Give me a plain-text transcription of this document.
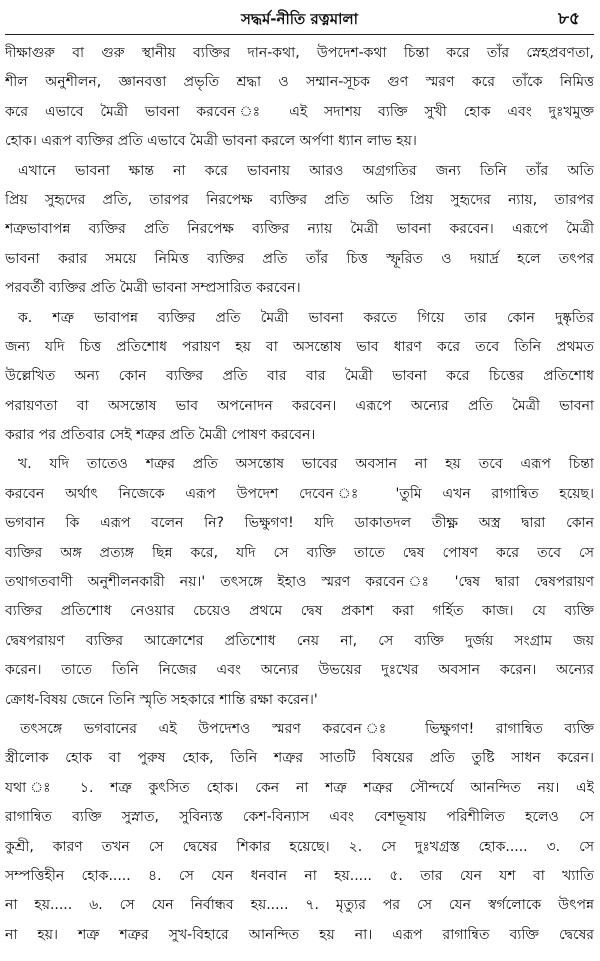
সদ্ধর্ম-নীতি রত্নমালা	৮৫
দীক্ষাগুরু বা গুরু স্থানীয় ব্যক্তির দান-কথা, উপদেশ-কথা চিন্তা করে তাঁর স্নেহপ্রবণতা,
শীল অনুশীলন, জ্ঞানবত্তা প্রভৃতি শ্রদ্ধা ও সম্মান-সূচক গুণ স্মরণ করে তাঁকে নিমিত্ত
করে এভাবে মৈত্রী ভাবনা করবেন ঃ এই সদাশয় ব্যক্তি সুখী হোক এবং দুঃখমুক্ত
হোক। এরূপ ব্যক্তির প্রতি এভাবে মৈত্রী ভাবনা করলে অর্পণা ধ্যান লাভ হয়।
এখানে ভাবনা ক্ষান্ত না করে ভাবনায় আরও অগ্রগতির জন্য তিনি তাঁর অতি
প্রিয় সুহৃদের প্রতি, তারপর নিরপেক্ষ ব্যক্তির প্রতি অতি প্রিয় সুহৃদের ন্যায়, তারপর
শত্রুভাবাপন্ন ব্যক্তির প্রতি নিরপেক্ষ ব্যক্তির ন্যায় মৈত্রী ভাবনা করবেন। এরূপে মৈত্রী
ভাবনা করার সময়ে নিমিত্ত ব্যক্তির প্রতি তাঁর চিত্ত স্ফূরিত ও দয়ার্দ্র হলে তৎপর
পরবর্তী ব্যক্তির প্রতি মৈত্রী ভাবনা সম্প্রসারিত করবেন।
ক. শত্রু ভাবাপন্ন ব্যক্তির প্রতি মৈত্রী ভাবনা করতে গিয়ে তার কোন দুষ্কৃতির
জন্য যদি চিত্ত প্রতিশোধ পরায়ণ হয় বা অসন্তোষ ভাব ধারণ করে তবে তিনি প্রথমত
উল্লেখিত অন্য কোন ব্যক্তির প্রতি বার বার মৈত্রী ভাবনা করে চিত্তের প্রতিশোধ
পরায়ণতা বা অসন্তোষ ভাব অপনোদন করবেন। এরূপে অন্যের প্রতি মৈত্রী ভাবনা
করার পর প্রতিবার সেই শত্রুর প্রতি মৈত্রী পোষণ করবেন।
খ. যদি তাতেও শত্রুর প্রতি অসন্তোষ ভাবের অবসান না হয় তবে এরূপ চিন্তা
করবেন অর্থাৎ নিজেকে এরূপ উপদেশ দেবেন ঃ 'তুমি এখন রাগান্বিত হয়েছ।
ভগবান কি এরূপ বলেন নি? ভিক্ষুগণ! যদি ডাকাতদল তীক্ষ্ণ অস্ত্র দ্বারা কোন
ব্যক্তির অঙ্গ প্রত্যঙ্গ ছিন্ন করে, যদি সে ব্যক্তি তাতে দ্বেষ পোষণ করে তবে সে
তথাগতবাণী অনুশীলনকারী নয়।' তৎসঙ্গে ইহাও স্মরণ করবেন ঃ 'দ্বেষ দ্বারা দ্বেষপরায়ণ
ব্যক্তির প্রতিশোধ নেওয়ার চেয়েও প্রথমে দ্বেষ প্রকাশ করা গর্হিত কাজ। যে ব্যক্তি
দ্বেষপরায়ণ ব্যক্তির আক্রোশের প্রতিশোধ নেয় না, সে ব্যক্তি দুর্জয় সংগ্রাম জয়
করেন। তাতে তিনি নিজের এবং অন্যের উভয়ের দুঃখের অবসান করেন। অন্যের
ক্রোধ-বিষয় জেনে তিনি স্মৃতি সহকারে শান্তি রক্ষা করেন।'
তৎসঙ্গে ভগবানের এই উপদেশও স্মরণ করবেন ঃ ভিক্ষুগণ! রাগান্বিত ব্যক্তি
স্ত্রীলোক হোক বা পুরুষ হোক, তিনি শত্রুর সাতটি বিষয়ের প্রতি তুষ্টি সাধন করেন।
যথা ঃ ১. শত্রু কুৎসিত হোক। কেন না শত্রু শত্রুর সৌন্দর্যে আনন্দিত নয়। এই
রাগান্বিত ব্যক্তি সুস্নাত, সুবিন্যস্ত কেশ-বিন্যাস এবং বেশভূষায় পরিশীলিত হলেও সে
কুশ্রী, কারণ তখন সে দ্বেষের শিকার হয়েছে। ২. সে দুঃখগ্রস্ত হোক..... ৩. সে
সম্পত্তিহীন হোক..... ৪. সে যেন ধনবান না হয়..... ৫. তার যেন যশ বা খ্যাতি
না হয়..... ৬. সে যেন নির্বান্ধব হয়..... ৭. মৃত্যুর পর সে যেন স্বর্গলোকে উৎপন্ন
না হয়। শত্রু শত্রুর সুখ-বিহারে আনন্দিত হয় না। এরূপ রাগান্বিত ব্যক্তি দ্বেষের
